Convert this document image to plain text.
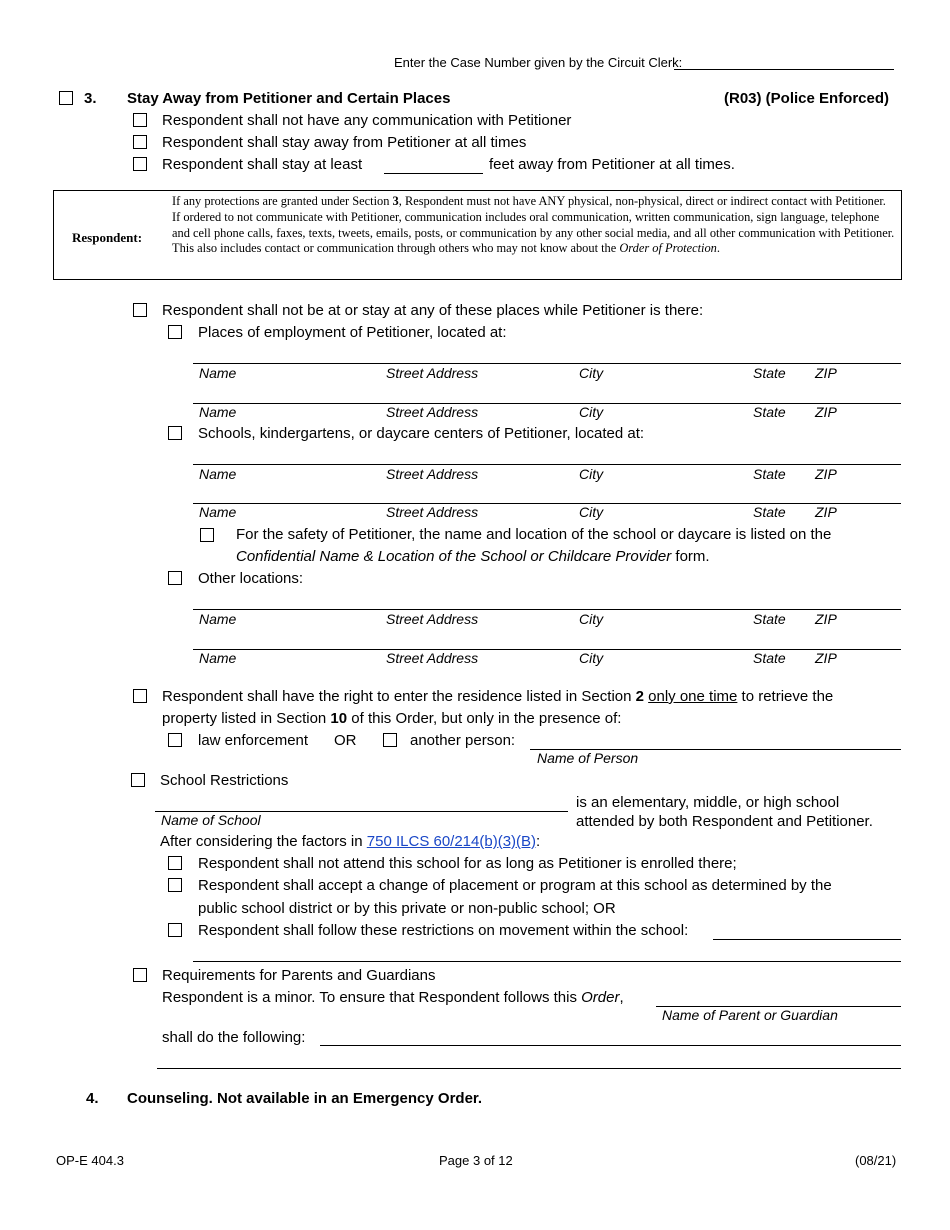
Enter the Case Number given by the Circuit Clerk:
3. Stay Away from Petitioner and Certain Places	(R03) (Police Enforced)
Respondent shall not have any communication with Petitioner
Respondent shall stay away from Petitioner at all times
Respondent shall stay at least	feet away from Petitioner at all times.
Respondent:
If any protections are granted under Section 3, Respondent must not have ANY physical, non-physical, direct or indirect contact with Petitioner. If ordered to not communicate with Petitioner, communication includes oral communication, written communication, sign language, telephone and cell phone calls, faxes, texts, tweets, emails, posts, or communication by any other social media, and all other communication with Petitioner. This also includes contact or communication through others who may not know about the Order of Protection.
Respondent shall not be at or stay at any of these places while Petitioner is there:
Places of employment of Petitioner, located at:
Name	Street Address	City	State ZIP
Name	Street Address	City	State ZIP
Schools, kindergartens, or daycare centers of Petitioner, located at:
Name	Street Address	City	State ZIP
Name	Street Address	City	State ZIP
For the safety of Petitioner, the name and location of the school or daycare is listed on the
Confidential Name & Location of the School or Childcare Provider form.
Other locations:
Name	Street Address	City	State ZIP
Name	Street Address	City	State ZIP
Respondent shall have the right to enter the residence listed in Section 2 only one time to retrieve the
property listed in Section 10 of this Order, but only in the presence of:
law enforcement OR	another person:
Name of Person
School Restrictions
Name of School
is an elementary, middle, or high school
attended by both Respondent and Petitioner.
After considering the factors in 750 ILCS 60/214(b)(3)(B):
Respondent shall not attend this school for as long as Petitioner is enrolled there;
Respondent shall accept a change of placement or program at this school as determined by the
public school district or by this private or non-public school; OR
Respondent shall follow these restrictions on movement within the school:
Requirements for Parents and Guardians
Respondent is a minor. To ensure that Respondent follows this Order,
Name of Parent or Guardian
shall do the following:
4. Counseling. Not available in an Emergency Order.
OP-E 404.3	Page 3 of 12	(08/21)
